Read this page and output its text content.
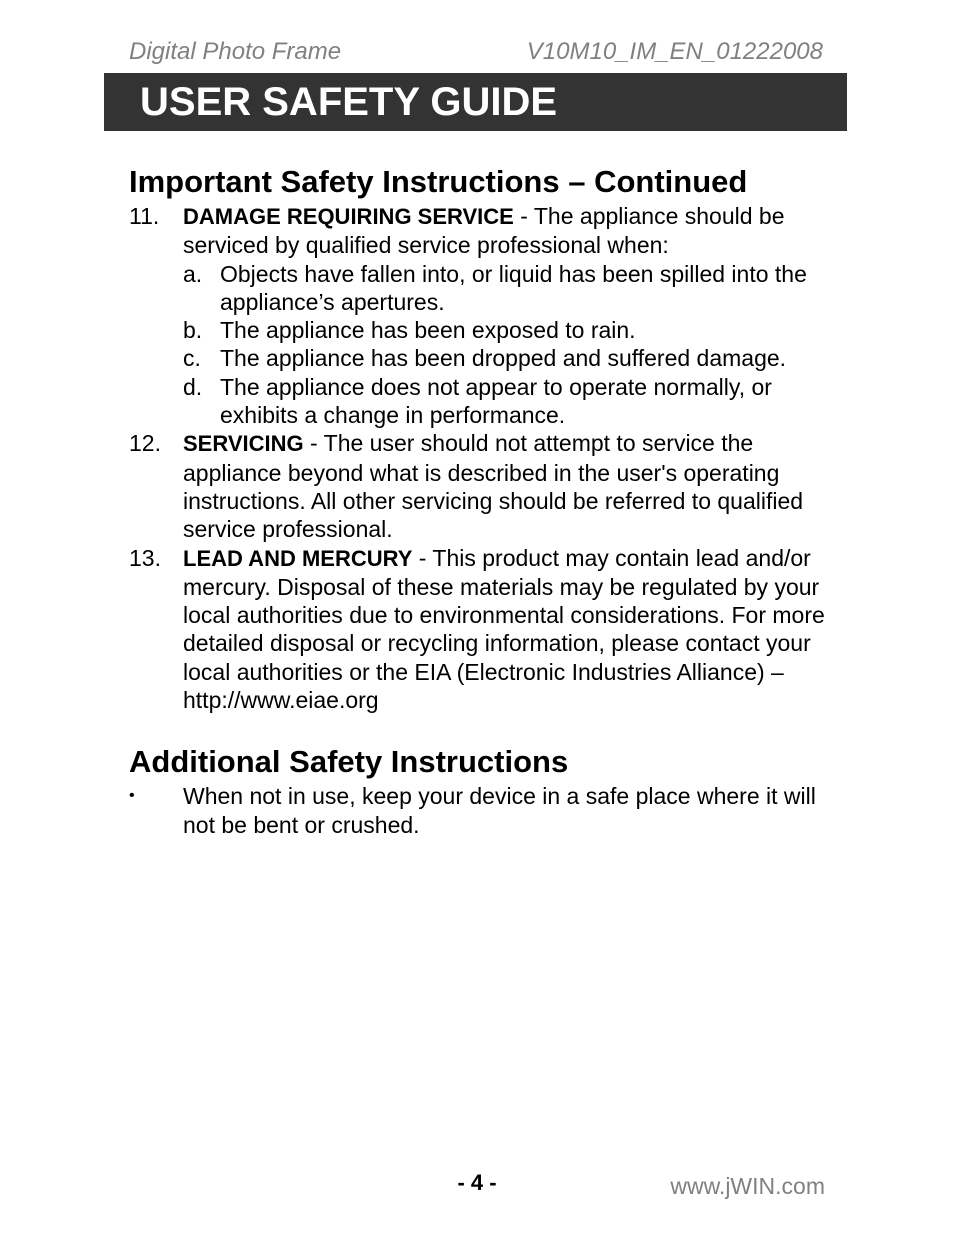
Digital Photo Frame	V10M10_IM_EN_01222008
USER SAFETY GUIDE
Important Safety Instructions – Continued
11.	DAMAGE REQUIRING SERVICE - The appliance should be serviced by qualified service professional when:
a. Objects have fallen into, or liquid has been spilled into the appliance’s apertures.
b. The appliance has been exposed to rain.
c. The appliance has been dropped and suffered damage.
d. The appliance does not appear to operate normally, or exhibits a change in performance.
12.	SERVICING - The user should not attempt to service the appliance beyond what is described in the user's operating instructions. All other servicing should be referred to qualified service professional.
13.	LEAD AND MERCURY - This product may contain lead and/or mercury. Disposal of these materials may be regulated by your local authorities due to environmental considerations. For more detailed disposal or recycling information, please contact your local authorities or the EIA (Electronic Industries Alliance) – http://www.eiae.org
Additional Safety Instructions
•	When not in use, keep your device in a safe place where it will not be bent or crushed.
- 4 -	www.jWIN.com
